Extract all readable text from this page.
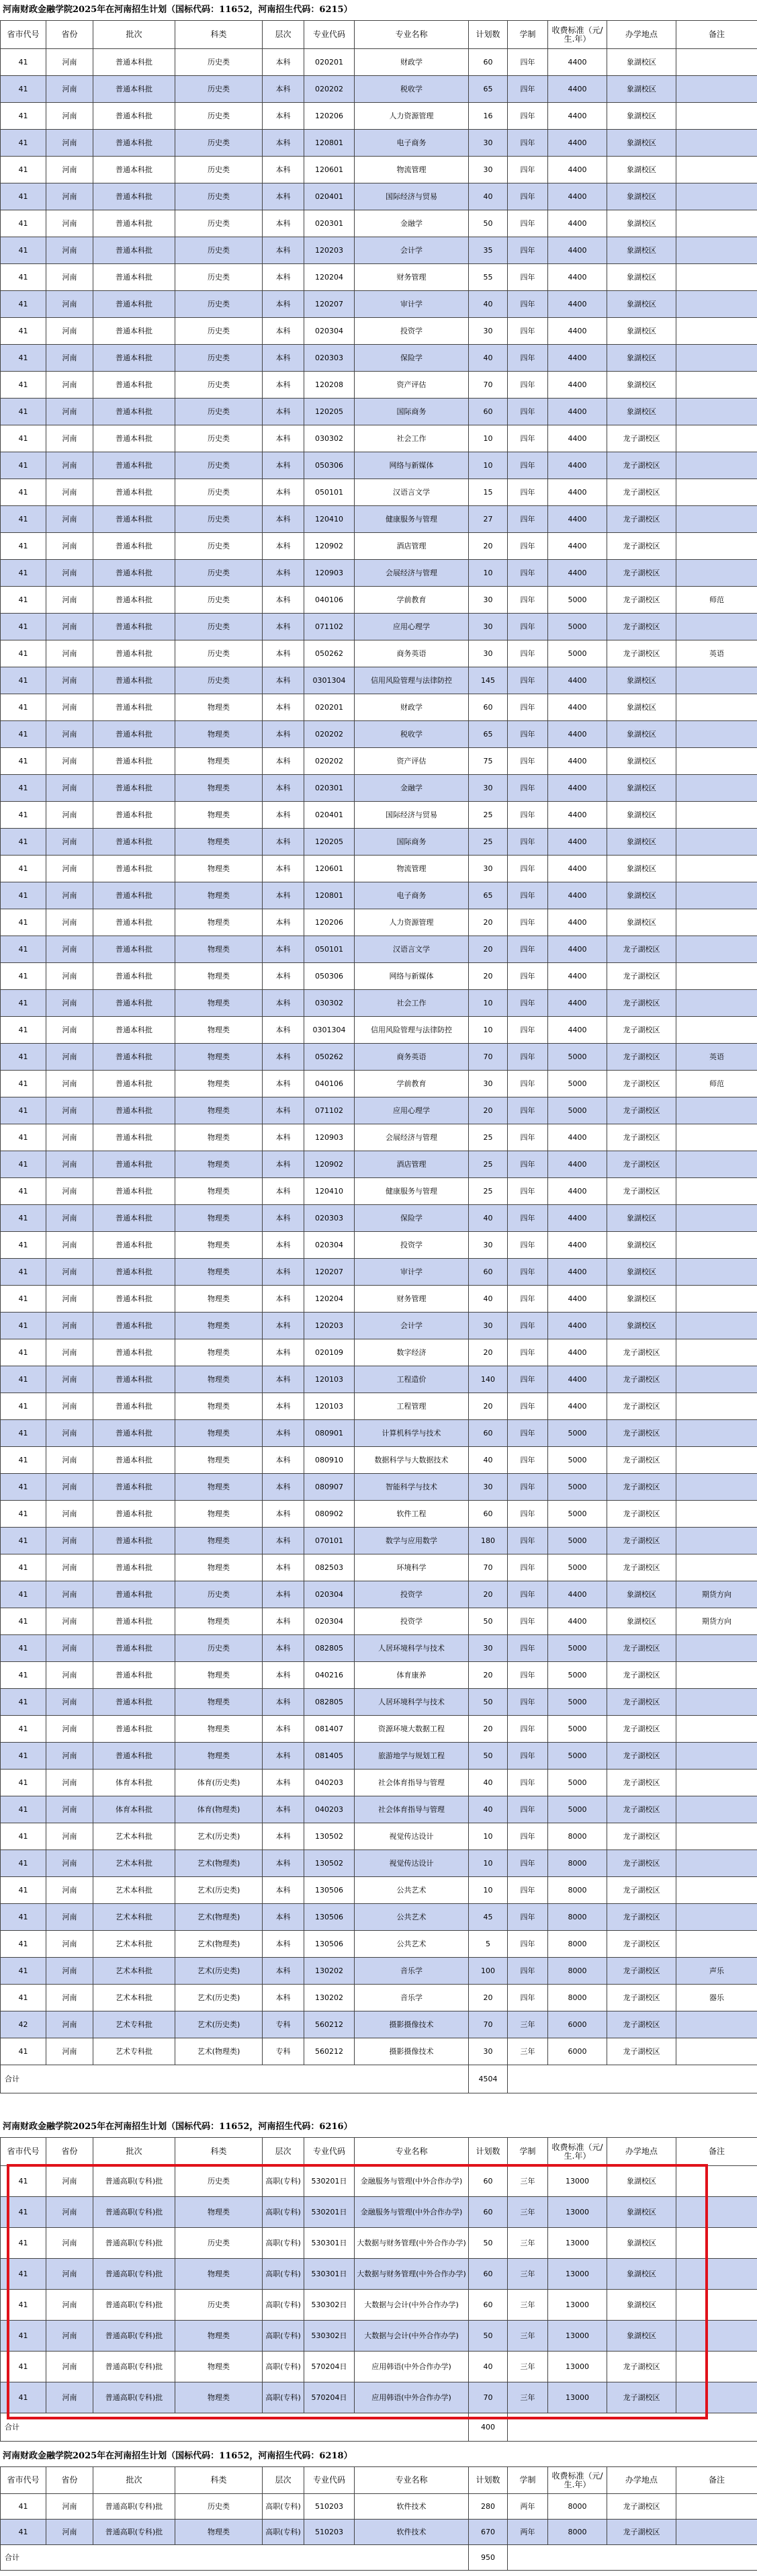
河南财政金融学院2025年在河南招生计划（国标代码：11652，河南招生代码：6215）
省市代号	省份	批次	科类	层次	专业代码	专业名称	计划数	学制	收费标准（元/生.年）	办学地点	备注
41	河南	普通本科批	历史类	本科	020201	财政学	60	四年	4400	象湖校区	
41	河南	普通本科批	历史类	本科	020202	税收学	65	四年	4400	象湖校区	
41	河南	普通本科批	历史类	本科	120206	人力资源管理	16	四年	4400	象湖校区	
41	河南	普通本科批	历史类	本科	120801	电子商务	30	四年	4400	象湖校区	
41	河南	普通本科批	历史类	本科	120601	物流管理	30	四年	4400	象湖校区	
41	河南	普通本科批	历史类	本科	020401	国际经济与贸易	40	四年	4400	象湖校区	
41	河南	普通本科批	历史类	本科	020301	金融学	50	四年	4400	象湖校区	
41	河南	普通本科批	历史类	本科	120203	会计学	35	四年	4400	象湖校区	
41	河南	普通本科批	历史类	本科	120204	财务管理	55	四年	4400	象湖校区	
41	河南	普通本科批	历史类	本科	120207	审计学	40	四年	4400	象湖校区	
41	河南	普通本科批	历史类	本科	020304	投资学	30	四年	4400	象湖校区	
41	河南	普通本科批	历史类	本科	020303	保险学	40	四年	4400	象湖校区	
41	河南	普通本科批	历史类	本科	120208	资产评估	70	四年	4400	象湖校区	
41	河南	普通本科批	历史类	本科	120205	国际商务	60	四年	4400	象湖校区	
41	河南	普通本科批	历史类	本科	030302	社会工作	10	四年	4400	龙子湖校区	
41	河南	普通本科批	历史类	本科	050306	网络与新媒体	10	四年	4400	龙子湖校区	
41	河南	普通本科批	历史类	本科	050101	汉语言文学	15	四年	4400	龙子湖校区	
41	河南	普通本科批	历史类	本科	120410	健康服务与管理	27	四年	4400	龙子湖校区	
41	河南	普通本科批	历史类	本科	120902	酒店管理	20	四年	4400	龙子湖校区	
41	河南	普通本科批	历史类	本科	120903	会展经济与管理	10	四年	4400	龙子湖校区	
41	河南	普通本科批	历史类	本科	040106	学前教育	30	四年	5000	龙子湖校区	师范
41	河南	普通本科批	历史类	本科	071102	应用心理学	30	四年	5000	龙子湖校区	
41	河南	普通本科批	历史类	本科	050262	商务英语	30	四年	5000	龙子湖校区	英语
41	河南	普通本科批	历史类	本科	0301304	信用风险管理与法律防控	145	四年	4400	象湖校区	
41	河南	普通本科批	物理类	本科	020201	财政学	60	四年	4400	象湖校区	
41	河南	普通本科批	物理类	本科	020202	税收学	65	四年	4400	象湖校区	
41	河南	普通本科批	物理类	本科	020202	资产评估	75	四年	4400	象湖校区	
41	河南	普通本科批	物理类	本科	020301	金融学	30	四年	4400	象湖校区	
41	河南	普通本科批	物理类	本科	020401	国际经济与贸易	25	四年	4400	象湖校区	
41	河南	普通本科批	物理类	本科	120205	国际商务	25	四年	4400	象湖校区	
41	河南	普通本科批	物理类	本科	120601	物流管理	30	四年	4400	象湖校区	
41	河南	普通本科批	物理类	本科	120801	电子商务	65	四年	4400	象湖校区	
41	河南	普通本科批	物理类	本科	120206	人力资源管理	20	四年	4400	象湖校区	
41	河南	普通本科批	物理类	本科	050101	汉语言文学	20	四年	4400	龙子湖校区	
41	河南	普通本科批	物理类	本科	050306	网络与新媒体	20	四年	4400	龙子湖校区	
41	河南	普通本科批	物理类	本科	030302	社会工作	10	四年	4400	龙子湖校区	
41	河南	普通本科批	物理类	本科	0301304	信用风险管理与法律防控	10	四年	4400	龙子湖校区	
41	河南	普通本科批	物理类	本科	050262	商务英语	70	四年	5000	龙子湖校区	英语
41	河南	普通本科批	物理类	本科	040106	学前教育	30	四年	5000	龙子湖校区	师范
41	河南	普通本科批	物理类	本科	071102	应用心理学	20	四年	5000	龙子湖校区	
41	河南	普通本科批	物理类	本科	120903	会展经济与管理	25	四年	4400	龙子湖校区	
41	河南	普通本科批	物理类	本科	120902	酒店管理	25	四年	4400	龙子湖校区	
41	河南	普通本科批	物理类	本科	120410	健康服务与管理	25	四年	4400	龙子湖校区	
41	河南	普通本科批	物理类	本科	020303	保险学	40	四年	4400	象湖校区	
41	河南	普通本科批	物理类	本科	020304	投资学	30	四年	4400	象湖校区	
41	河南	普通本科批	物理类	本科	120207	审计学	60	四年	4400	象湖校区	
41	河南	普通本科批	物理类	本科	120204	财务管理	40	四年	4400	象湖校区	
41	河南	普通本科批	物理类	本科	120203	会计学	30	四年	4400	象湖校区	
41	河南	普通本科批	物理类	本科	020109	数字经济	20	四年	4400	龙子湖校区	
41	河南	普通本科批	物理类	本科	120103	工程造价	140	四年	4400	龙子湖校区	
41	河南	普通本科批	物理类	本科	120103	工程管理	20	四年	4400	龙子湖校区	
41	河南	普通本科批	物理类	本科	080901	计算机科学与技术	60	四年	5000	龙子湖校区	
41	河南	普通本科批	物理类	本科	080910	数据科学与大数据技术	40	四年	5000	龙子湖校区	
41	河南	普通本科批	物理类	本科	080907	智能科学与技术	30	四年	5000	龙子湖校区	
41	河南	普通本科批	物理类	本科	080902	软件工程	60	四年	5000	龙子湖校区	
41	河南	普通本科批	物理类	本科	070101	数学与应用数学	180	四年	5000	龙子湖校区	
41	河南	普通本科批	物理类	本科	082503	环境科学	70	四年	5000	龙子湖校区	
41	河南	普通本科批	历史类	本科	020304	投资学	20	四年	4400	象湖校区	期货方向
41	河南	普通本科批	物理类	本科	020304	投资学	50	四年	4400	象湖校区	期货方向
41	河南	普通本科批	历史类	本科	082805	人居环境科学与技术	30	四年	5000	龙子湖校区	
41	河南	普通本科批	物理类	本科	040216	体育康养	20	四年	5000	龙子湖校区	
41	河南	普通本科批	物理类	本科	082805	人居环境科学与技术	50	四年	5000	龙子湖校区	
41	河南	普通本科批	物理类	本科	081407	资源环境大数据工程	20	四年	5000	龙子湖校区	
41	河南	普通本科批	物理类	本科	081405	旅游地学与规划工程	50	四年	5000	龙子湖校区	
41	河南	体育本科批	体育(历史类)	本科	040203	社会体育指导与管理	40	四年	5000	龙子湖校区	
41	河南	体育本科批	体育(物理类)	本科	040203	社会体育指导与管理	40	四年	5000	龙子湖校区	
41	河南	艺术本科批	艺术(历史类)	本科	130502	视觉传达设计	10	四年	8000	龙子湖校区	
41	河南	艺术本科批	艺术(物理类)	本科	130502	视觉传达设计	10	四年	8000	龙子湖校区	
41	河南	艺术本科批	艺术(历史类)	本科	130506	公共艺术	10	四年	8000	龙子湖校区	
41	河南	艺术本科批	艺术(物理类)	本科	130506	公共艺术	45	四年	8000	龙子湖校区	
41	河南	艺术本科批	艺术(物理类)	本科	130506	公共艺术	5	四年	8000	龙子湖校区	
41	河南	艺术本科批	艺术(历史类)	本科	130202	音乐学	100	四年	8000	龙子湖校区	声乐
41	河南	艺术本科批	艺术(历史类)	本科	130202	音乐学	20	四年	8000	龙子湖校区	器乐
42	河南	艺术专科批	艺术(历史类)	专科	560212	摄影摄像技术	70	三年	6000	龙子湖校区	
41	河南	艺术专科批	艺术(物理类)	专科	560212	摄影摄像技术	30	三年	6000	龙子湖校区	
合计							4504				
河南财政金融学院2025年在河南招生计划（国标代码：11652，河南招生代码：6216）
省市代号	省份	批次	科类	层次	专业代码	专业名称	计划数	学制	收费标准（元/生.年）	办学地点	备注
41	河南	普通高职(专科)批	历史类	高职(专科)	530201日	金融服务与管理(中外合作办学)	60	三年	13000	象湖校区	
41	河南	普通高职(专科)批	物理类	高职(专科)	530201日	金融服务与管理(中外合作办学)	60	三年	13000	象湖校区	
41	河南	普通高职(专科)批	历史类	高职(专科)	530301日	大数据与财务管理(中外合作办学)	50	三年	13000	象湖校区	
41	河南	普通高职(专科)批	物理类	高职(专科)	530301日	大数据与财务管理(中外合作办学)	60	三年	13000	象湖校区	
41	河南	普通高职(专科)批	历史类	高职(专科)	530302日	大数据与会计(中外合作办学)	60	三年	13000	象湖校区	
41	河南	普通高职(专科)批	物理类	高职(专科)	530302日	大数据与会计(中外合作办学)	50	三年	13000	象湖校区	
41	河南	普通高职(专科)批	物理类	高职(专科)	570204日	应用韩语(中外合作办学)	40	三年	13000	龙子湖校区	
41	河南	普通高职(专科)批	物理类	高职(专科)	570204日	应用韩语(中外合作办学)	70	三年	13000	龙子湖校区	
合计							400				
河南财政金融学院2025年在河南招生计划（国标代码：11652，河南招生代码：6218）
省市代号	省份	批次	科类	层次	专业代码	专业名称	计划数	学制	收费标准（元/生.年）	办学地点	备注
41	河南	普通高职(专科)批	历史类	高职(专科)	510203	软件技术	280	两年	8000	龙子湖校区	
41	河南	普通高职(专科)批	物理类	高职(专科)	510203	软件技术	670	两年	8000	龙子湖校区	
合计							950				
